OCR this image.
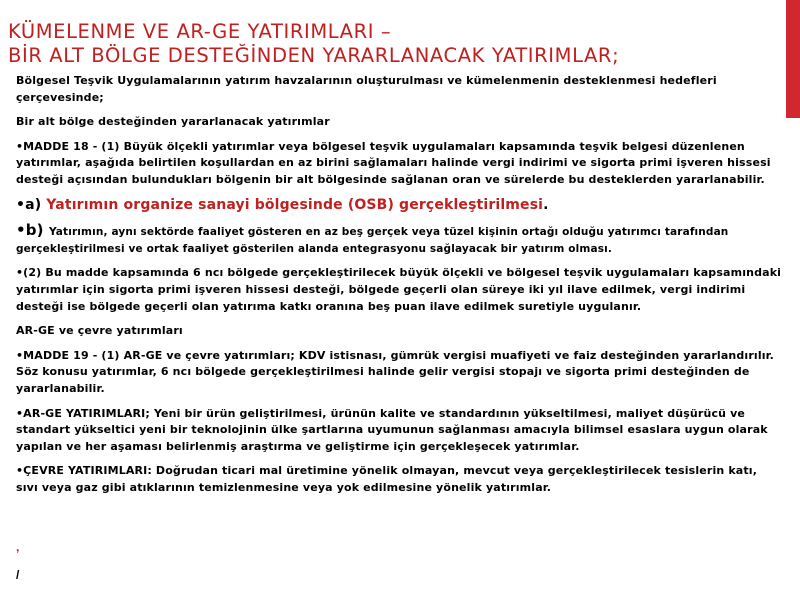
KÜMELENME VE AR-GE YATIRIMLARI –
BİR ALT BÖLGE DESTEĞİNDEN YARARLANACAK YATIRIMLAR;

Bölgesel Teşvik Uygulamalarının yatırım havzalarının oluşturulması ve kümelenmenin desteklenmesi hedefleri çerçevesinde;

Bir alt bölge desteğinden yararlanacak yatırımlar

•MADDE 18 - (1) Büyük ölçekli yatırımlar veya bölgesel teşvik uygulamaları kapsamında teşvik belgesi düzenlenen yatırımlar, aşağıda belirtilen koşullardan en az birini sağlamaları halinde vergi indirimi ve sigorta primi işveren hissesi desteği açısından bulundukları bölgenin bir alt bölgesinde sağlanan oran ve sürelerde bu desteklerden yararlanabilir.

•a) Yatırımın organize sanayi bölgesinde (OSB) gerçekleştirilmesi.

•b) Yatırımın, aynı sektörde faaliyet gösteren en az beş gerçek veya tüzel kişinin ortağı olduğu yatırımcı tarafından gerçekleştirilmesi ve ortak faaliyet gösterilen alanda entegrasyonu sağlayacak bir yatırım olması.

•(2) Bu madde kapsamında 6 ncı bölgede gerçekleştirilecek büyük ölçekli ve bölgesel teşvik uygulamaları kapsamındaki yatırımlar için sigorta primi işveren hissesi desteği, bölgede geçerli olan süreye iki yıl ilave edilmek, vergi indirimi desteği ise bölgede geçerli olan yatırıma katkı oranına beş puan ilave edilmek suretiyle uygulanır.

AR-GE ve çevre yatırımları

•MADDE 19 - (1) AR-GE ve çevre yatırımları; KDV istisnası, gümrük vergisi muafiyeti ve faiz desteğinden yararlandırılır. Söz konusu yatırımlar, 6 ncı bölgede gerçekleştirilmesi halinde gelir vergisi stopajı ve sigorta primi desteğinden de yararlanabilir.

•AR-GE YATIRIMLARI; Yeni bir ürün geliştirilmesi, ürünün kalite ve standardının yükseltilmesi, maliyet düşürücü ve standart yükseltici yeni bir teknolojinin ülke şartlarına uyumunun sağlanması amacıyla bilimsel esaslara uygun olarak yapılan ve her aşaması belirlenmiş araştırma ve geliştirme için gerçekleşecek yatırımlar.

•ÇEVRE YATIRIMLARI: Doğrudan ticari mal üretimine yönelik olmayan, mevcut veya gerçekleştirilecek tesislerin katı, sıvı veya gaz gibi atıklarının temizlenmesine veya yok edilmesine yönelik yatırımlar.

,
/
